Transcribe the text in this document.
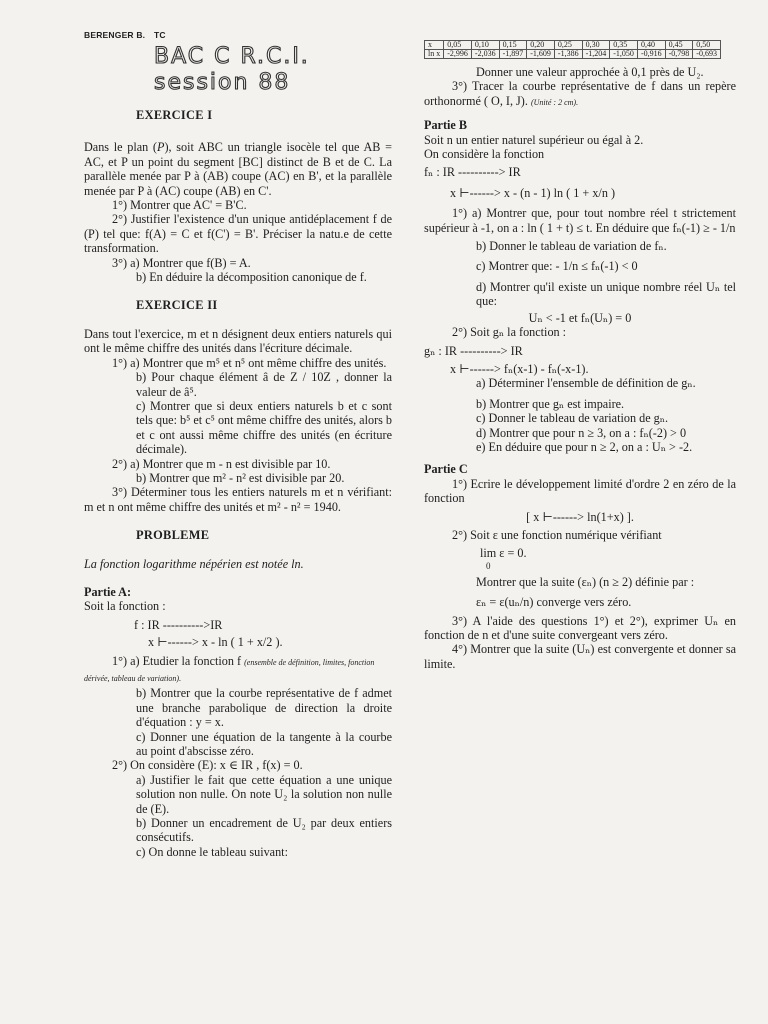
BERENGER B. TC
BAC C R.C.I.
session 88

EXERCICE I

Dans le plan (P), soit ABC un triangle isocèle tel que AB = AC, et P un point du segment [BC] distinct de B et de C. La parallèle menée par P à (AB) coupe (AC) en B', et la parallèle menée par P à (AC) coupe (AB) en C'.

1°) Montrer que AC' = B'C.

2°) Justifier l'existence d'un unique antidéplacement f de (P) tel que: f(A) = C et f(C') = B'. Préciser la natu.e de cette transformation.

3°) a) Montrer que f(B) = A.

b) En déduire la décomposition canonique de f.

EXERCICE II

Dans tout l'exercice, m et n désignent deux entiers naturels qui ont le même chiffre des unités dans l'écriture décimale.

1°) a) Montrer que m⁵ et n⁵ ont même chiffre des unités.

b) Pour chaque élément â de Z / 10Z , donner la valeur de â⁵.

c) Montrer que si deux entiers naturels b et c sont tels que: b⁵ et c⁵ ont même chiffre des unités, alors b et c ont aussi même chiffre des unités (en écriture décimale).

2°) a) Montrer que m - n est divisible par 10.

b) Montrer que m² - n² est divisible par 20.

3°) Déterminer tous les entiers naturels m et n vérifiant: m et n ont même chiffre des unités et m² - n² = 1940.

PROBLEME

La fonction logarithme népérien est notée ln.

Partie A:

Soit la fonction :

f : IR ---------->IR

x ⊢------> x - ln ( 1 + x/2 ).

1°) a) Etudier la fonction f (ensemble de définition, limites, fonction dérivée, tableau de variation).

b) Montrer que la courbe représentative de f admet une branche parabolique de direction la droite d'équation : y = x.

c) Donner une équation de la tangente à la courbe au point d'abscisse zéro.

2°) On considère (E): x ∈ IR , f(x) = 0.

a) Justifier le fait que cette équation a une unique solution non nulle. On note U₂ la solution non nulle de (E).

b) Donner un encadrement de U₂ par deux entiers consécutifs.

c) On donne le tableau suivant:

x	0,05	0,10	0,15	0,20	0,25	0,30	0,35	0,40	0,45	0,50
ln x	-2,996	-2,036	-1,897	-1,609	-1,386	-1,204	-1,050	-0,916	-0,798	-0,693

Donner une valeur approchée à 0,1 près de U₂.

3°) Tracer la courbe représentative de f dans un repère orthonormé ( O, I, J). (Unité : 2 cm).

Partie B

Soit n un entier naturel supérieur ou égal à 2.

On considère la fonction

fₙ : IR ----------> IR

x ⊢------> x - (n - 1) ln ( 1 + x/n )

1°) a) Montrer que, pour tout nombre réel t strictement supérieur à -1, on a : ln ( 1 + t) ≤ t. En déduire que fₙ(-1) ≥ - 1/n

b) Donner le tableau de variation de fₙ.

c) Montrer que: - 1/n ≤ fₙ(-1) < 0

d) Montrer qu'il existe un unique nombre réel Uₙ tel que:

Uₙ < -1 et fₙ(Uₙ) = 0

2°) Soit gₙ la fonction :

gₙ : IR ----------> IR

x ⊢------> fₙ(x-1) - fₙ(-x-1).

a) Déterminer l'ensemble de définition de gₙ.

b) Montrer que gₙ est impaire.

c) Donner le tableau de variation de gₙ.

d) Montrer que pour n ≥ 3, on a : fₙ(-2) > 0

e) En déduire que pour n ≥ 2, on a : Uₙ > -2.

Partie C

1°) Ecrire le développement limité d'ordre 2 en zéro de la fonction

[ x ⊢------> ln(1+x) ].

2°) Soit ε une fonction numérique vérifiant

lim ε = 0.

0

Montrer que la suite (εₙ) (n ≥ 2) définie par :

εₙ = ε(uₙ/n) converge vers zéro.

3°) A l'aide des questions 1°) et 2°), exprimer Uₙ en fonction de n et d'une suite convergeant vers zéro.

4°) Montrer que la suite (Uₙ) est convergente et donner sa limite.
